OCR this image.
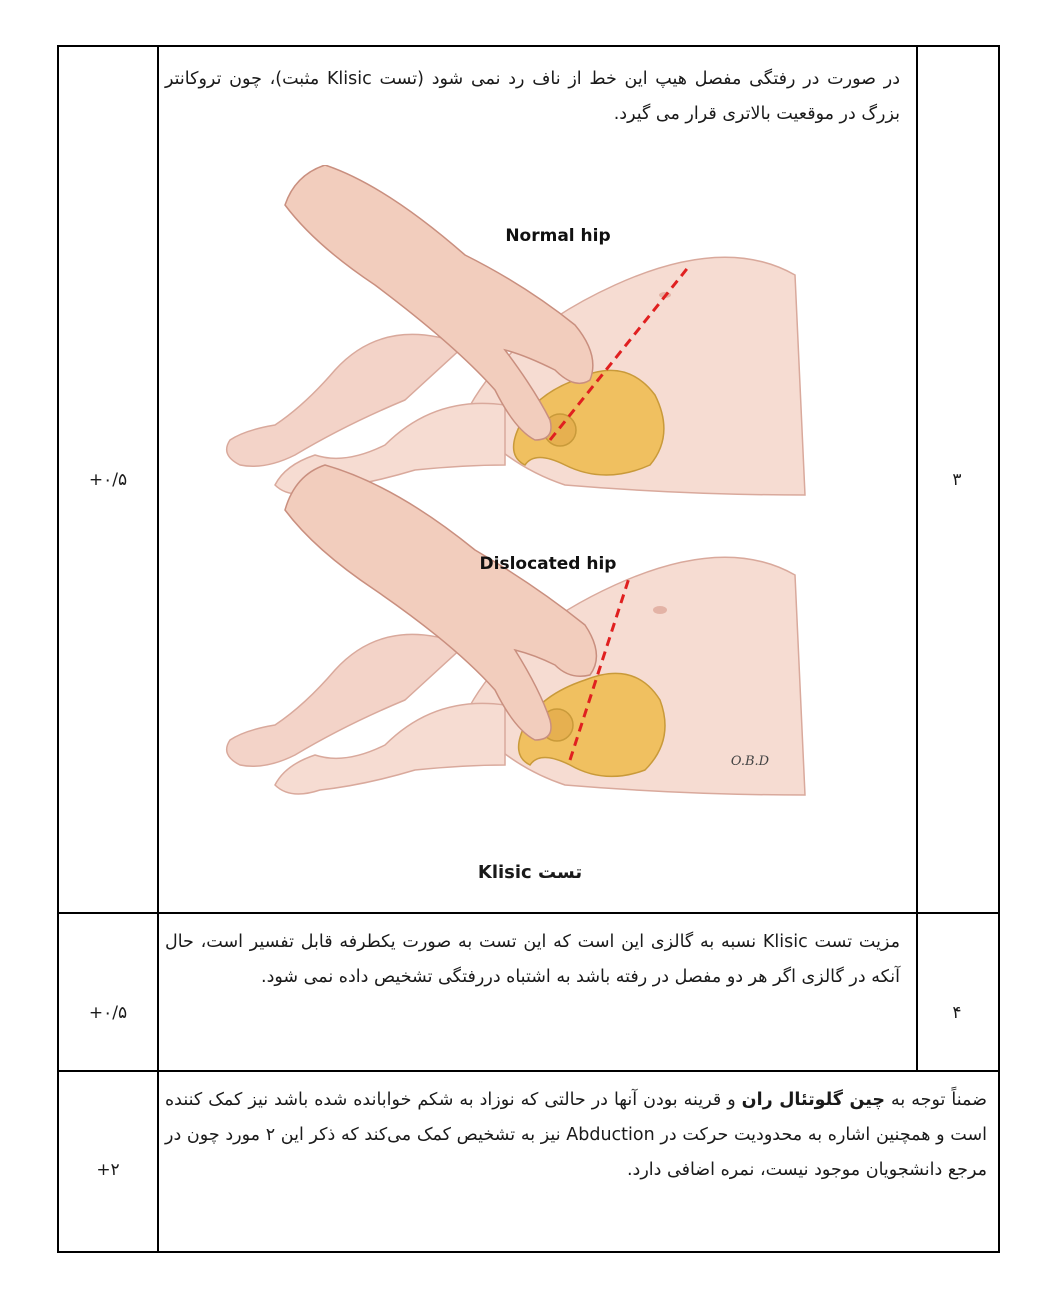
+۰/۵	۳
در صورت در رفتگی مفصل هیپ این خط از ناف رد نمی شود (تست Klisic مثبت)، چون تروکانتر بزرگ در موقعیت بالاتری قرار می گیرد.
Normal hip
O.B.D
Dislocated hip
تست Klisic
+۰/۵	۴
مزیت تست Klisic نسبه به گالزی این است که این تست به صورت یکطرفه قابل تفسیر است، حال آنکه در گالزی اگر هر دو مفصل در رفته باشد به اشتباه دررفتگی تشخیص داده نمی شود.
+۲
ضمناً توجه به چین گلوتئال ران و قرینه بودن آنها در حالتی که نوزاد به شکم خوابانده شده باشد نیز کمک کننده است و همچنین اشاره به محدودیت حرکت در Abduction نیز به تشخیص کمک می‌کند که ذکر این ۲ مورد چون در مرجع دانشجویان موجود نیست، نمره اضافی دارد.
